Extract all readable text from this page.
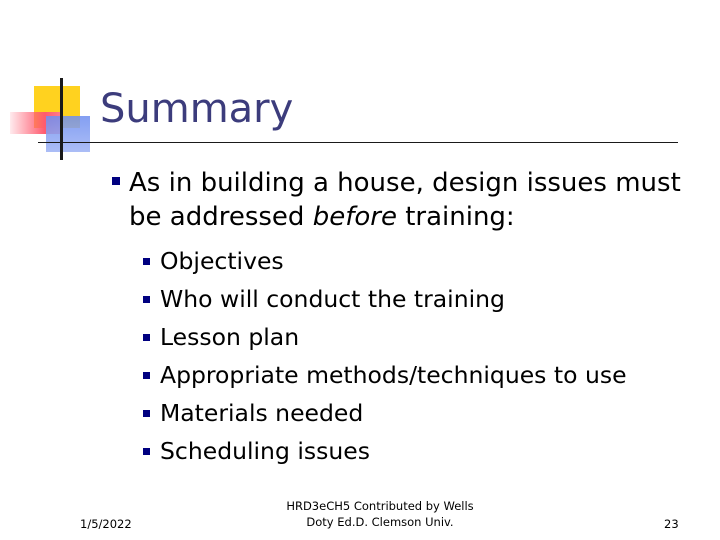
Summary
As in building a house, design issues must be addressed before training:
Objectives
Who will conduct the training
Lesson plan
Appropriate methods/techniques to use
Materials needed
Scheduling issues
1/5/2022
HRD3eCH5 Contributed by Wells
Doty Ed.D. Clemson Univ.	23
